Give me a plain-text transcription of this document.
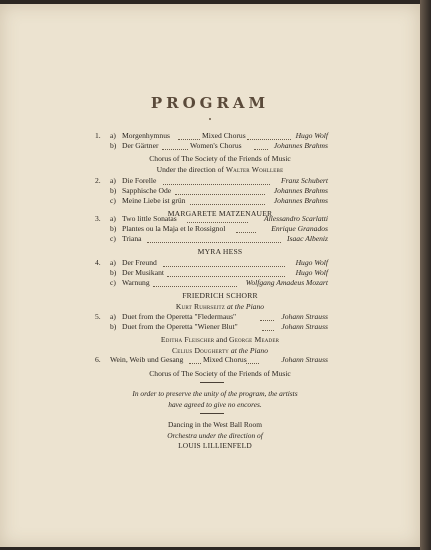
PROGRAM
1. a) Morgenhymnus	Mixed Chorus	Hugo Wolf
b) Der Gärtner	Women's Chorus	Johannes Brahms
Chorus of The Society of the Friends of Music
Under the direction of Walter Wohllebe
2. a) Die Forelle	Franz Schubert
b) Sapphische Ode	Johannes Brahms
c) Meine Liebe ist grün	Johannes Brahms
MARGARETE MATZENAUER
3. a) Two little Sonatas	Allessandro Scarlatti
b) Plantes ou la Maja et le Rossignol	Enrique Granados
c) Triana	Isaac Albeniz
MYRA HESS
4. a) Der Freund	Hugo Wolf
b) Der Musikant	Hugo Wolf
c) Warnung	Wolfgang Amadeus Mozart
FRIEDRICH SCHORR
Kurt Ruhrseitz at the Piano
5. a) Duet from the Operetta "Fledermaus"	Johann Strauss
b) Duet from the Operetta "Wiener Blut"	Johann Strauss
Editha Fleischer and George Meader
Celius Dougherty at the Piano
6. Wein, Weib und Gesang	Mixed Chorus	Johann Strauss
Chorus of The Society of the Friends of Music
In order to preserve the unity of the program, the artists
have agreed to give no encores.
Dancing in the West Ball Room
Orchestra under the direction of
LOUIS LILLIENFELD
